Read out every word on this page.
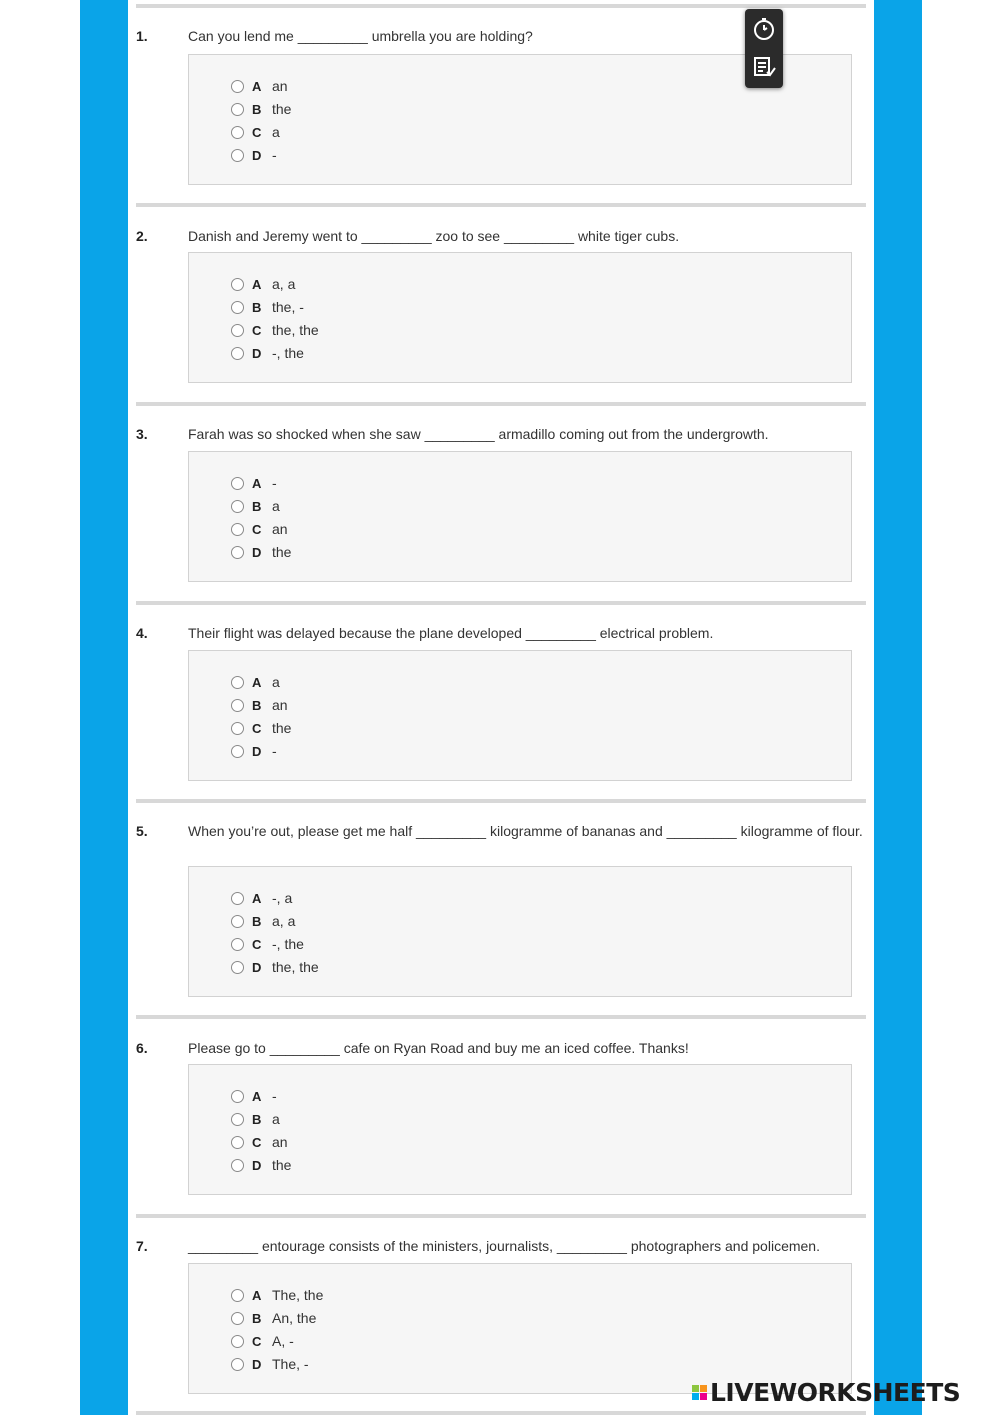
1.	Can you lend me _________ umbrella you are holding?
A an
B the
C a
D -
2.	Danish and Jeremy went to _________ zoo to see _________ white tiger cubs.
A a, a
B the, -
C the, the
D -, the
3.	Farah was so shocked when she saw _________ armadillo coming out from the undergrowth.
A -
B a
C an
D the
4.	Their flight was delayed because the plane developed _________ electrical problem.
A a
B an
C the
D -
5.	When you’re out, please get me half _________ kilogramme of bananas and _________ kilogramme of flour.
A -, a
B a, a
C -, the
D the, the
6.	Please go to _________ cafe on Ryan Road and buy me an iced coffee. Thanks!
A -
B a
C an
D the
7.	_________ entourage consists of the ministers, journalists, _________ photographers and policemen.
A The, the
B An, the
C A, -
D The, -
LIVEWORKSHEETS
